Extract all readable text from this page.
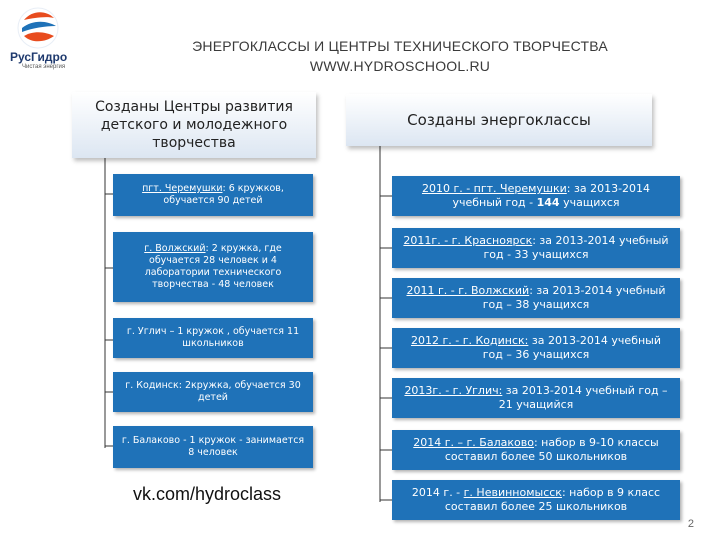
РусГидро
Чистая энергия
ЭНЕРГОКЛАССЫ И ЦЕНТРЫ ТЕХНИЧЕСКОГО ТВОРЧЕСТВА
WWW.HYDROSCHOOL.RU
Созданы Центры развития детского и молодежного творчества
пгт. Черемушки: 6 кружков, обучается 90 детей
г. Волжский: 2 кружка, где обучается 28 человек и 4 лаборатории технического творчества - 48 человек
г. Углич – 1 кружок , обучается 11 школьников
г. Кодинск: 2кружка, обучается 30 детей
г. Балаково - 1 кружок - занимается 8 человек
vk.com/hydroclass
Созданы энергоклассы
2010 г. - пгт. Черемушки: за 2013-2014 учебный год - 144 учащихся
2011г. - г. Красноярск: за 2013-2014 учебный год - 33 учащихся
2011 г. - г. Волжский: за 2013-2014 учебный год – 38 учащихся
2012 г. - г. Кодинск: за 2013-2014 учебный год – 36 учащихся
2013г. - г. Углич: за 2013-2014 учебный год – 21 учащийся
2014 г. – г. Балаково: набор в 9-10 классы составил более 50 школьников
2014 г. - г. Невинномысск: набор в 9 класс составил более 25 школьников
2
